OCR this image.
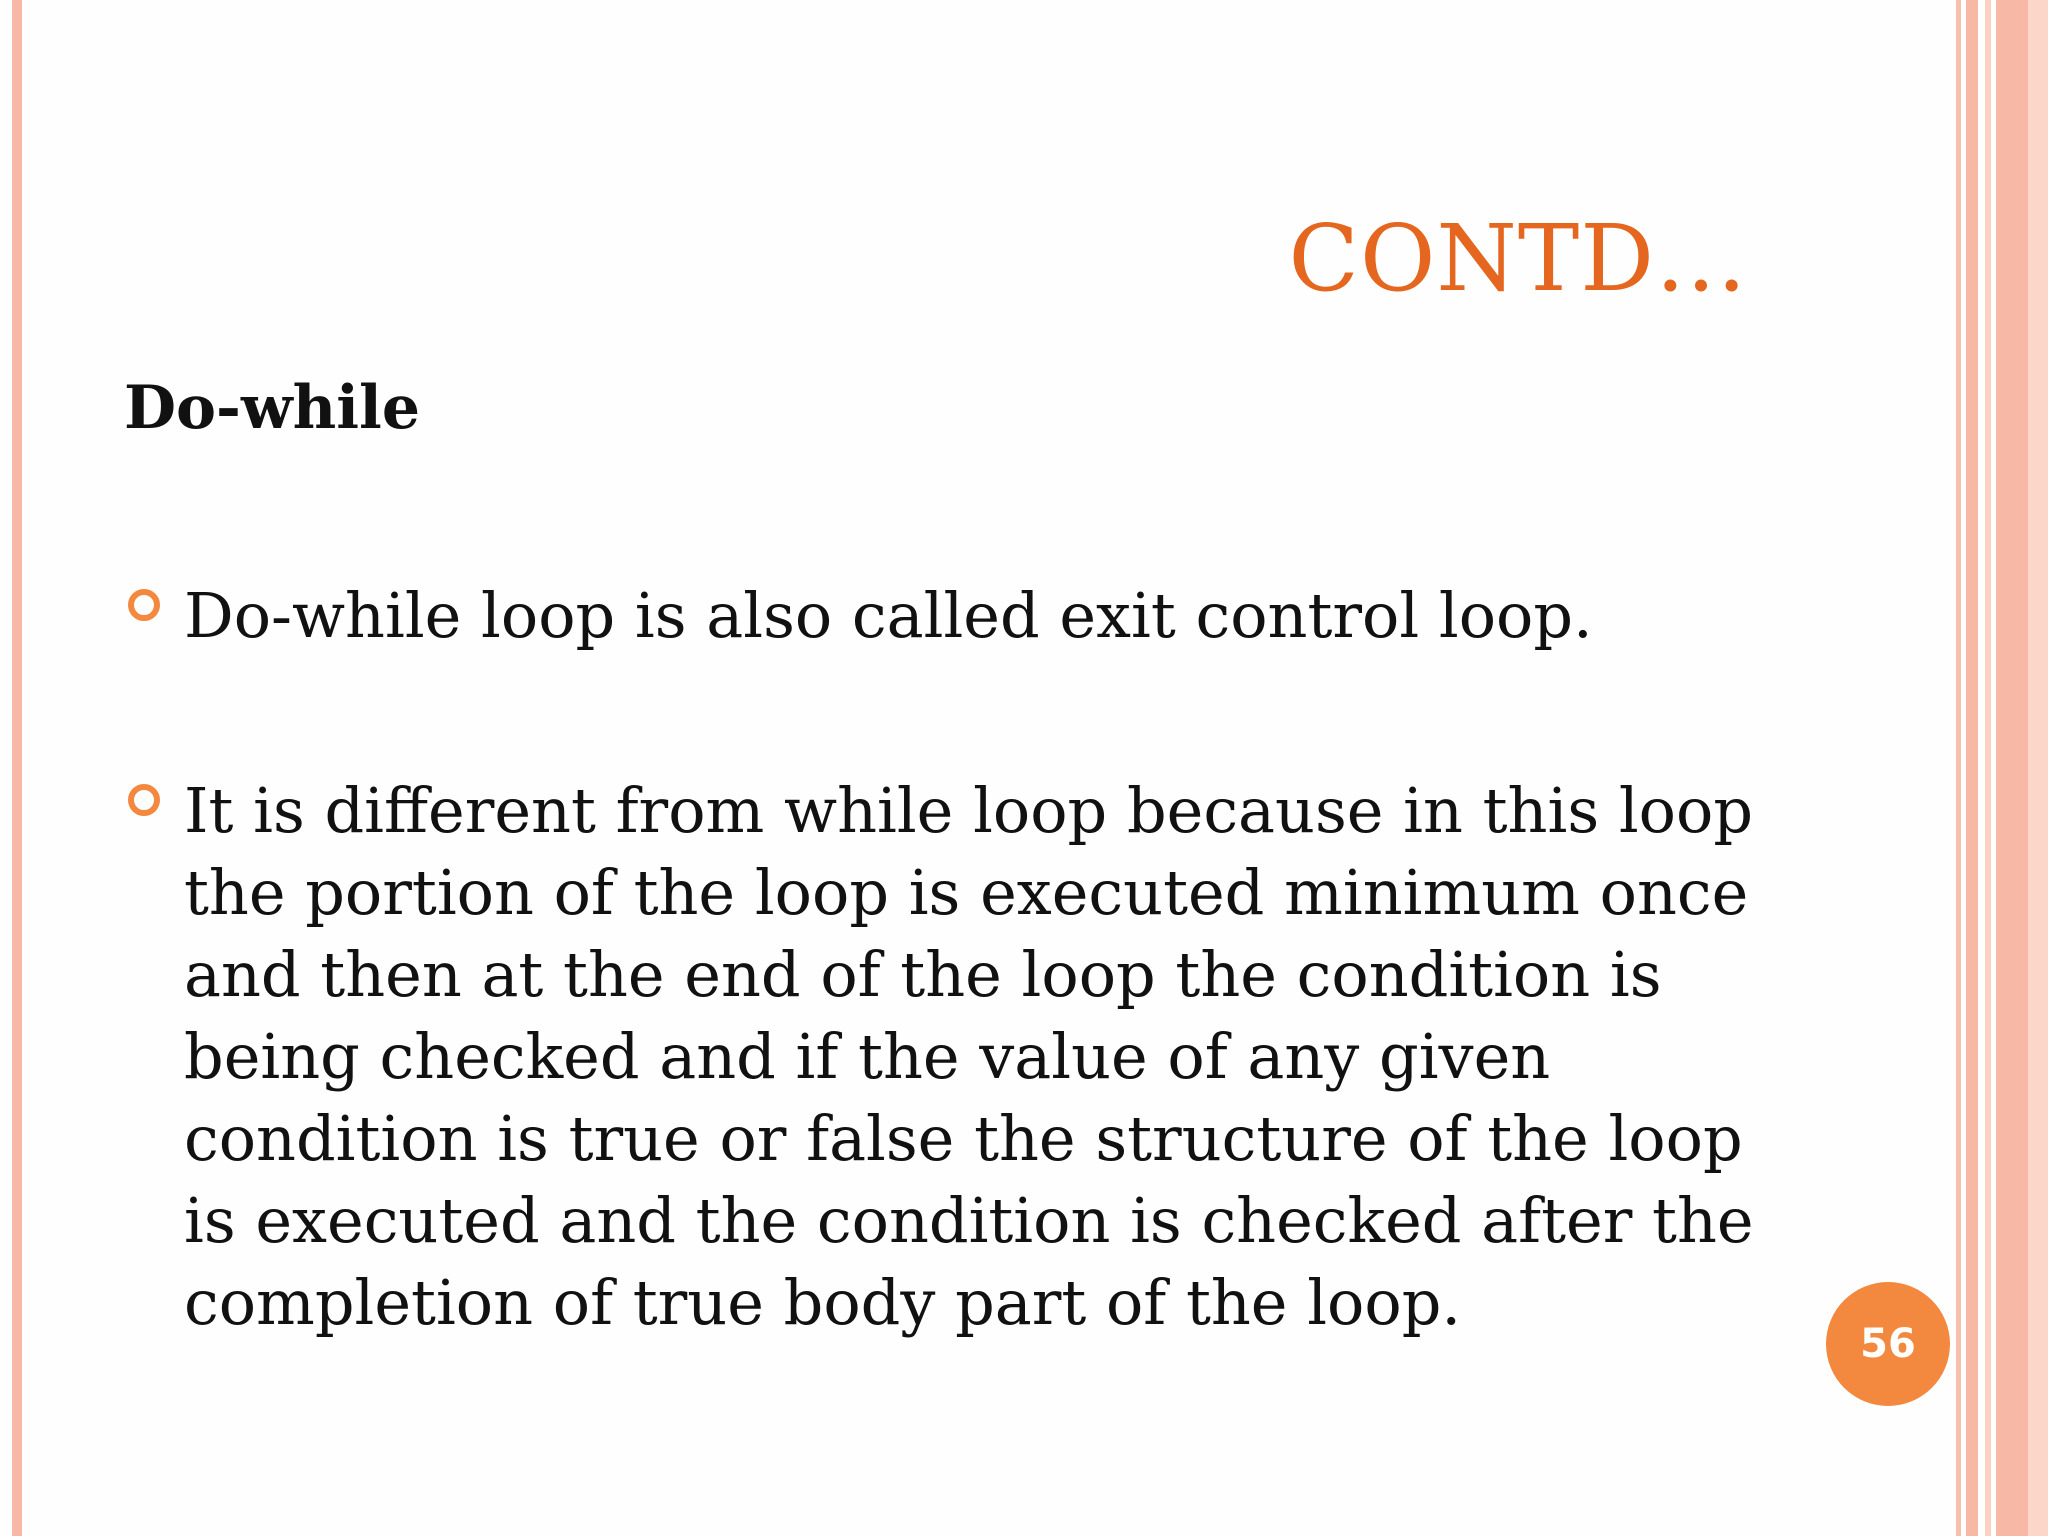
CONTD…
Do-while
Do-while loop is also called exit control loop.
It is different from while loop because in this loop the portion of the loop is executed minimum once and then at the end of the loop the condition is being checked and if the value of any given condition is true or false the structure of the loop is executed and the condition is checked after the completion of true body part of the loop.
56
